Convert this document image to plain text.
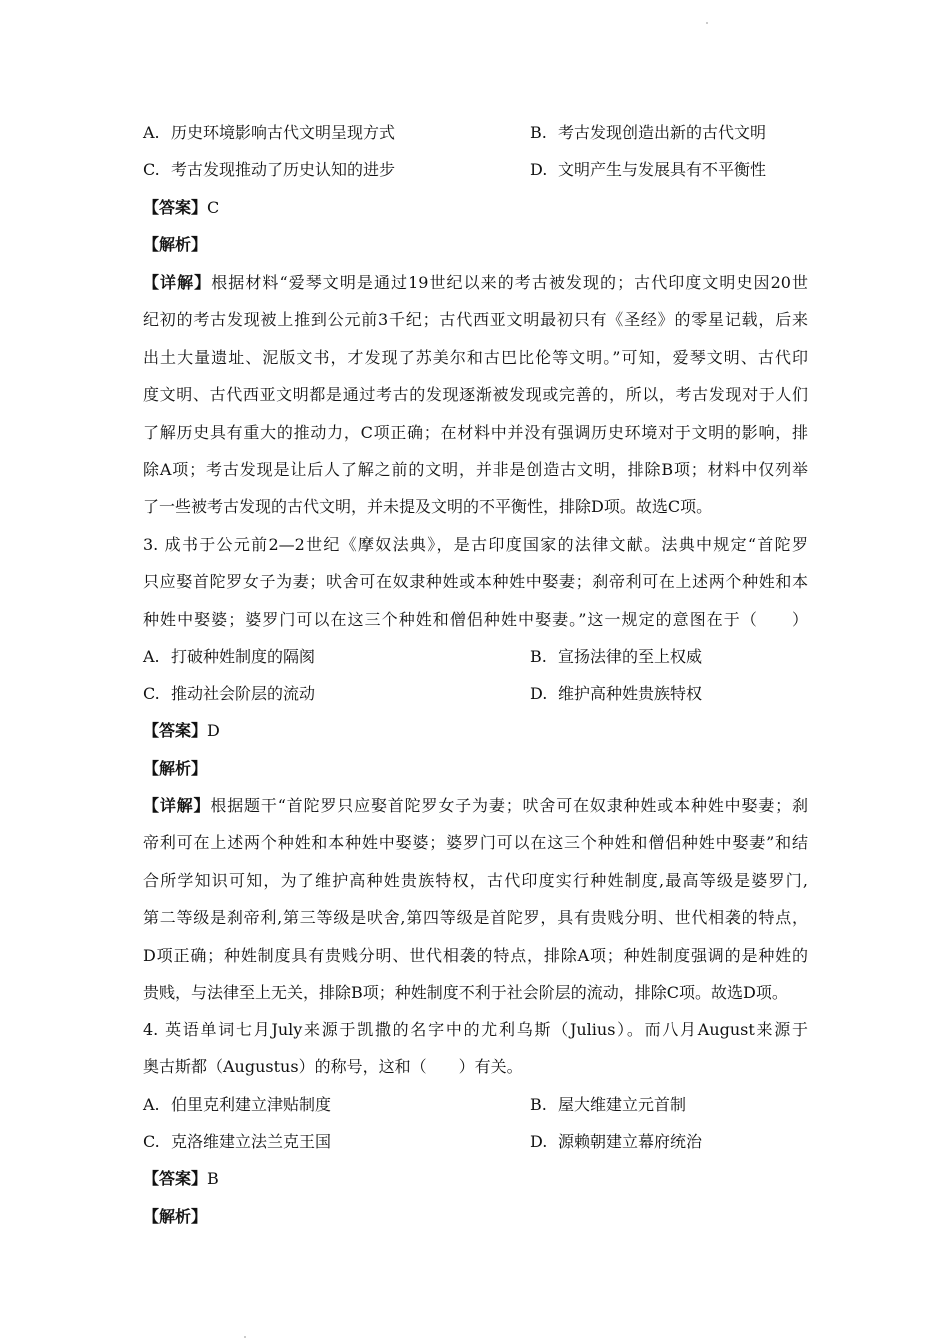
A. 历史环境影响古代文明呈现方式	B. 考古发现创造出新的古代文明
C. 考古发现推动了历史认知的进步	D. 文明产生与发展具有不平衡性
【答案】C
【解析】
【详解】根据材料“爱琴文明是通过19世纪以来的考古被发现的；古代印度文明史因20世
纪初的考古发现被上推到公元前3千纪；古代西亚文明最初只有《圣经》的零星记载，后来
出土大量遗址、泥版文书，才发现了苏美尔和古巴比伦等文明。”可知，爱琴文明、古代印
度文明、古代西亚文明都是通过考古的发现逐渐被发现或完善的，所以，考古发现对于人们
了解历史具有重大的推动力，C项正确；在材料中并没有强调历史环境对于文明的影响，排
除A项；考古发现是让后人了解之前的文明，并非是创造古文明，排除B项；材料中仅列举
了一些被考古发现的古代文明，并未提及文明的不平衡性，排除D项。故选C项。
3. 成书于公元前2—2世纪《摩奴法典》，是古印度国家的法律文献。法典中规定“首陀罗
只应娶首陀罗女子为妻；吠舍可在奴隶种姓或本种姓中娶妻；刹帝利可在上述两个种姓和本
种姓中娶婆；婆罗门可以在这三个种姓和僧侣种姓中娶妻。”这一规定的意图在于（　　）
A. 打破种姓制度的隔阂	B. 宣扬法律的至上权威
C. 推动社会阶层的流动	D. 维护高种姓贵族特权
【答案】D
【解析】
【详解】根据题干“首陀罗只应娶首陀罗女子为妻；吠舍可在奴隶种姓或本种姓中娶妻；刹
帝利可在上述两个种姓和本种姓中娶婆；婆罗门可以在这三个种姓和僧侣种姓中娶妻”和结
合所学知识可知，为了维护高种姓贵族特权，古代印度实行种姓制度,最高等级是婆罗门,
第二等级是刹帝利,第三等级是吠舍,第四等级是首陀罗，具有贵贱分明、世代相袭的特点，
D项正确；种姓制度具有贵贱分明、世代相袭的特点，排除A项；种姓制度强调的是种姓的
贵贱，与法律至上无关，排除B项；种姓制度不利于社会阶层的流动，排除C项。故选D项。
4. 英语单词七月July来源于凯撒的名字中的尤利乌斯（Julius）。而八月August来源于
奥古斯都（Augustus）的称号，这和（　　）有关。
A. 伯里克利建立津贴制度	B. 屋大维建立元首制
C. 克洛维建立法兰克王国	D. 源赖朝建立幕府统治
【答案】B
【解析】
